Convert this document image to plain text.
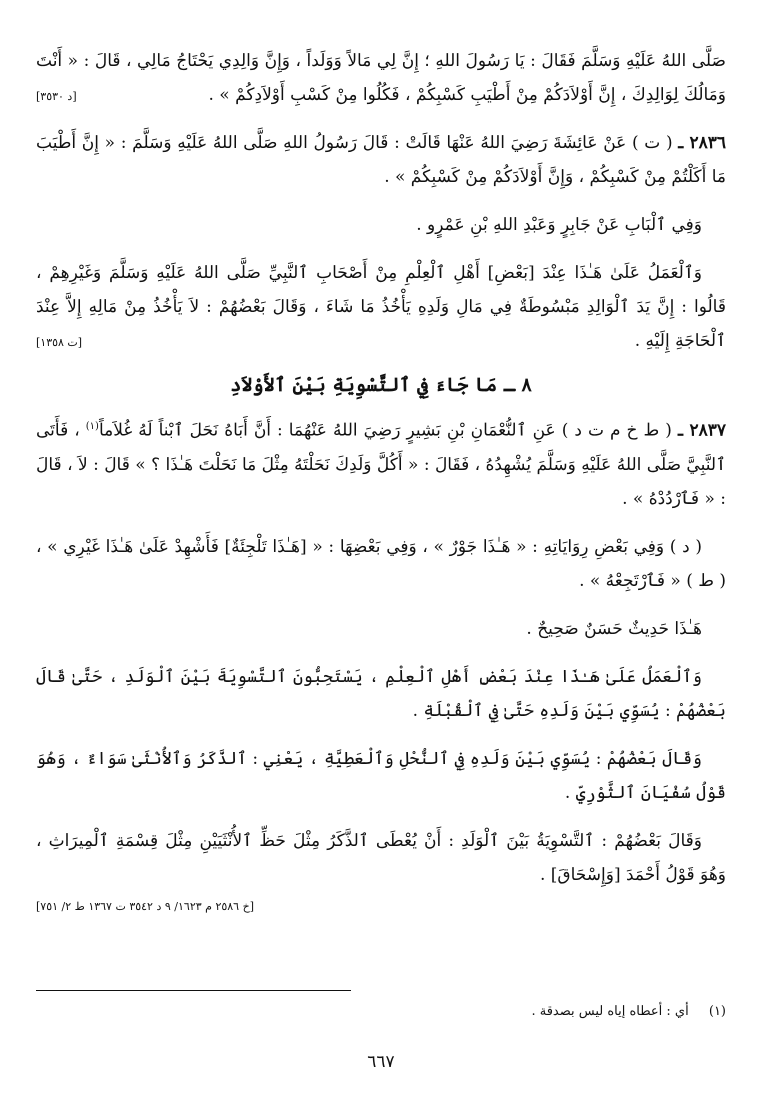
صَلَّى اللهُ عَلَيْهِ وَسَلَّمَ فَقَالَ : يَا رَسُولَ اللهِ ؛ إِنَّ لِي مَالاً وَوَلَداً ، وَإِنَّ وَالِدِي يَحْتَاجُ مَالِي ، قَالَ : « أَنْتَ وَمَالُكَ لِوَالِدِكَ ، إِنَّ أَوْلاَدَكُمْ مِنْ أَطْيَبِ كَسْبِكُمْ ، فَكُلُوا مِنْ كَسْبِ أَوْلاَدِكُمْ » .
[د ٣٥٣٠]

٢٨٣٦ ـ ( ت ) عَنْ عَائِشَةَ رَضِيَ اللهُ عَنْهَا قَالَتْ : قَالَ رَسُولُ اللهِ صَلَّى اللهُ عَلَيْهِ وَسَلَّمَ : « إِنَّ أَطْيَبَ مَا أَكَلْتُمْ مِنْ كَسْبِكُمْ ، وَإِنَّ أَوْلاَدَكُمْ مِنْ كَسْبِكُمْ » .

وَفِي ٱلْبَابِ عَنْ جَابِرٍ وَعَبْدِ اللهِ بْنِ عَمْرٍو .

وَٱلْعَمَلُ عَلَىٰ هَـٰذَا عِنْدَ [بَعْضِ] أَهْلِ ٱلْعِلْمِ مِنْ أَصْحَابِ ٱلنَّبِيِّ صَلَّى اللهُ عَلَيْهِ وَسَلَّمَ وَغَيْرِهِمْ ، قَالُوا : إِنَّ يَدَ ٱلْوَالِدِ مَبْسُوطَةٌ فِي مَالِ وَلَدِهِ يَأْخُذُ مَا شَاءَ ، وَقَالَ بَعْضُهُمْ : لاَ يَأْخُذُ مِنْ مَالِهِ إِلاَّ عِنْدَ ٱلْحَاجَةِ إِلَيْهِ .
[ت ١٣٥٨]

٨ ـ مَا جَاءَ فِي ٱلتَّسْوِيَةِ بَيْنَ ٱلأَوْلاَدِ

٢٨٣٧ ـ ( ط خ م ت د ) عَنِ ٱلنُّعْمَانِ بْنِ بَشِيرٍ رَضِيَ اللهُ عَنْهُمَا : أَنَّ أَبَاهُ نَحَلَ ٱبْناً لَهُ غُلاَماً$^{(١)}$ ، فَأَتَى ٱلنَّبِيَّ صَلَّى اللهُ عَلَيْهِ وَسَلَّمَ يُشْهِدُهُ ، فَقَالَ : « أَكُلَّ وَلَدِكَ نَحَلْتَهُ مِثْلَ مَا نَحَلْتَ هَـٰذَا ؟ » قَالَ : لاَ ، قَالَ : « فَٱرْدُدْهُ » .

( د ) وَفِي بَعْضِ رِوَايَاتِهِ : « هَـٰذَا جَوْرٌ » ، وَفِي بَعْضِهَا : « [هَـٰذَا تَلْجِئَةٌ] فَأَشْهِدْ عَلَىٰ هَـٰذَا غَيْرِي » ، ( ط ) « فَٱرْتَجِعْهُ » .

هَـٰذَا حَدِيثٌ حَسَنٌ صَحِيحٌ .

وَٱلْعَمَلُ عَلَىٰ هَـٰذَا عِنْدَ بَعْضِ أَهْلِ ٱلْعِلْمِ ، يَسْتَحِبُّونَ ٱلتَّسْوِيَةَ بَيْنَ ٱلْوَلَدِ ، حَتَّىٰ قَالَ بَعْضُهُمْ : يُسَوِّي بَيْنَ وَلَدِهِ حَتَّىٰ فِي ٱلْقُبْلَةِ .

وَقَالَ بَعْضُهُمْ : يُسَوِّي بَيْنَ وَلَدِهِ فِي ٱلنُّحْلِ وَٱلْعَطِيَّةِ ، يَعْنِي : ٱلذَّكَرُ وَٱلأُنْثَىٰ سَوَاءٌ ، وَهُوَ قَوْلُ سُفْيَانَ ٱلثَّوْرِيِّ .

وَقَالَ بَعْضُهُمْ : ٱلتَّسْوِيَةُ بَيْنَ ٱلْوَلَدِ : أَنْ يُعْطَى ٱلذَّكَرُ مِثْلَ حَظِّ ٱلأُنْثَيَيْنِ مِثْلَ قِسْمَةِ ٱلْمِيرَاثِ ، وَهُوَ قَوْلُ أَحْمَدَ [وَإِسْحَاقَ] .

[خ ٢٥٨٦ م ١٦٢٣/ ٩ د ٣٥٤٢ ت ١٣٦٧ ط ٢/ ٧٥١]
(١) أي : أعطاه إياه ليس بصدقة .
٦٦٧
